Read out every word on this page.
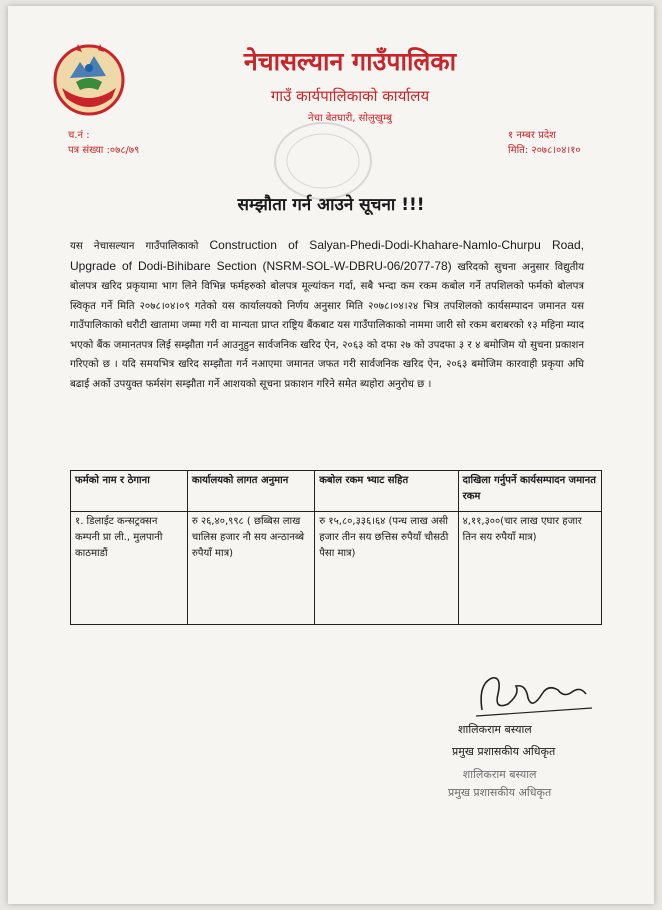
नेचासल्यान गाउँपालिका
गाउँ कार्यपालिकाको कार्यालय
नेचा बेतघारी, सोलुखुम्बु
च.नं :
पत्र संख्या :०७८/७९
१ नम्बर प्रदेश
मिति: २०७८।०४।१०
सम्झौता गर्न आउने सूचना !!!
यस नेचासल्यान गाउँपालिकाको Construction of Salyan-Phedi-Dodi-Khahare-Namlo-Churpu Road, Upgrade of Dodi-Bihibare Section (NSRM-SOL-W-DBRU-06/2077-78) खरिदको सुचना अनुसार विद्युतीय बोलपत्र खरिद प्रकृयामा भाग लिने विभिन्न फर्महरुको बोलपत्र मूल्यांकन गर्दा, सबै भन्दा कम रकम कबोल गर्ने तपशिलको फर्मको बोलपत्र स्विकृत गर्ने मिति २०७८।०४।०९ गतेको यस कार्यालयको निर्णय अनुसार मिति २०७८।०४।२४ भित्र तपशिलको कार्यसम्पादन जमानत यस गाउँपालिकाको धरौटी खातामा जम्मा गरी वा मान्यता प्राप्त राष्ट्रिय बैंकबाट यस गाउँपालिकाको नाममा जारी सो रकम बराबरको १३ महिना म्याद भएको बैंक जमानतपत्र लिई सम्झौता गर्न आउनुहुन सार्वजनिक खरिद ऐन, २०६३ को दफा २७ को उपदफा ३ र ४ बमोजिम यो सुचना प्रकाशन गरिएको छ । यदि समयभित्र खरिद सम्झौता गर्न नआएमा जमानत जफत गरी सार्वजनिक खरिद ऐन, २०६३ बमोजिम कारवाही प्रकृया अघि बढाई अर्को उपयुक्त फर्मसंग सम्झौता गर्ने आशयको सूचना प्रकाशन गरिने समेत ब्यहोरा अनुरोध छ ।
फर्मको नाम र ठेगाना	कार्यालयको लागत अनुमान	कबोल रकम भ्याट सहित	दाखिला गर्नुपर्ने कार्यसम्पादन जमानत रकम
१. डिलाईट कन्सट्रक्सन कम्पनी प्रा ली., मुलपानी काठमाडौं	रु २६,४०,९९८ ( छब्बिस लाख चालिस हजार नौ सय अन्ठानब्बे रुपैयाँ मात्र)	रु १५,८०,३३६।६४ (पन्ध लाख असी हजार तीन सय छत्तिस रुपैयाँ चौसठी पैसा मात्र)	४,११,३००(चार लाख एघार हजार तिन सय रुपैयाँ मात्र)
शालिकराम बस्याल
प्रमुख प्रशासकीय अधिकृत
शालिकराम बस्याल
प्रमुख प्रशासकीय अधिकृत
